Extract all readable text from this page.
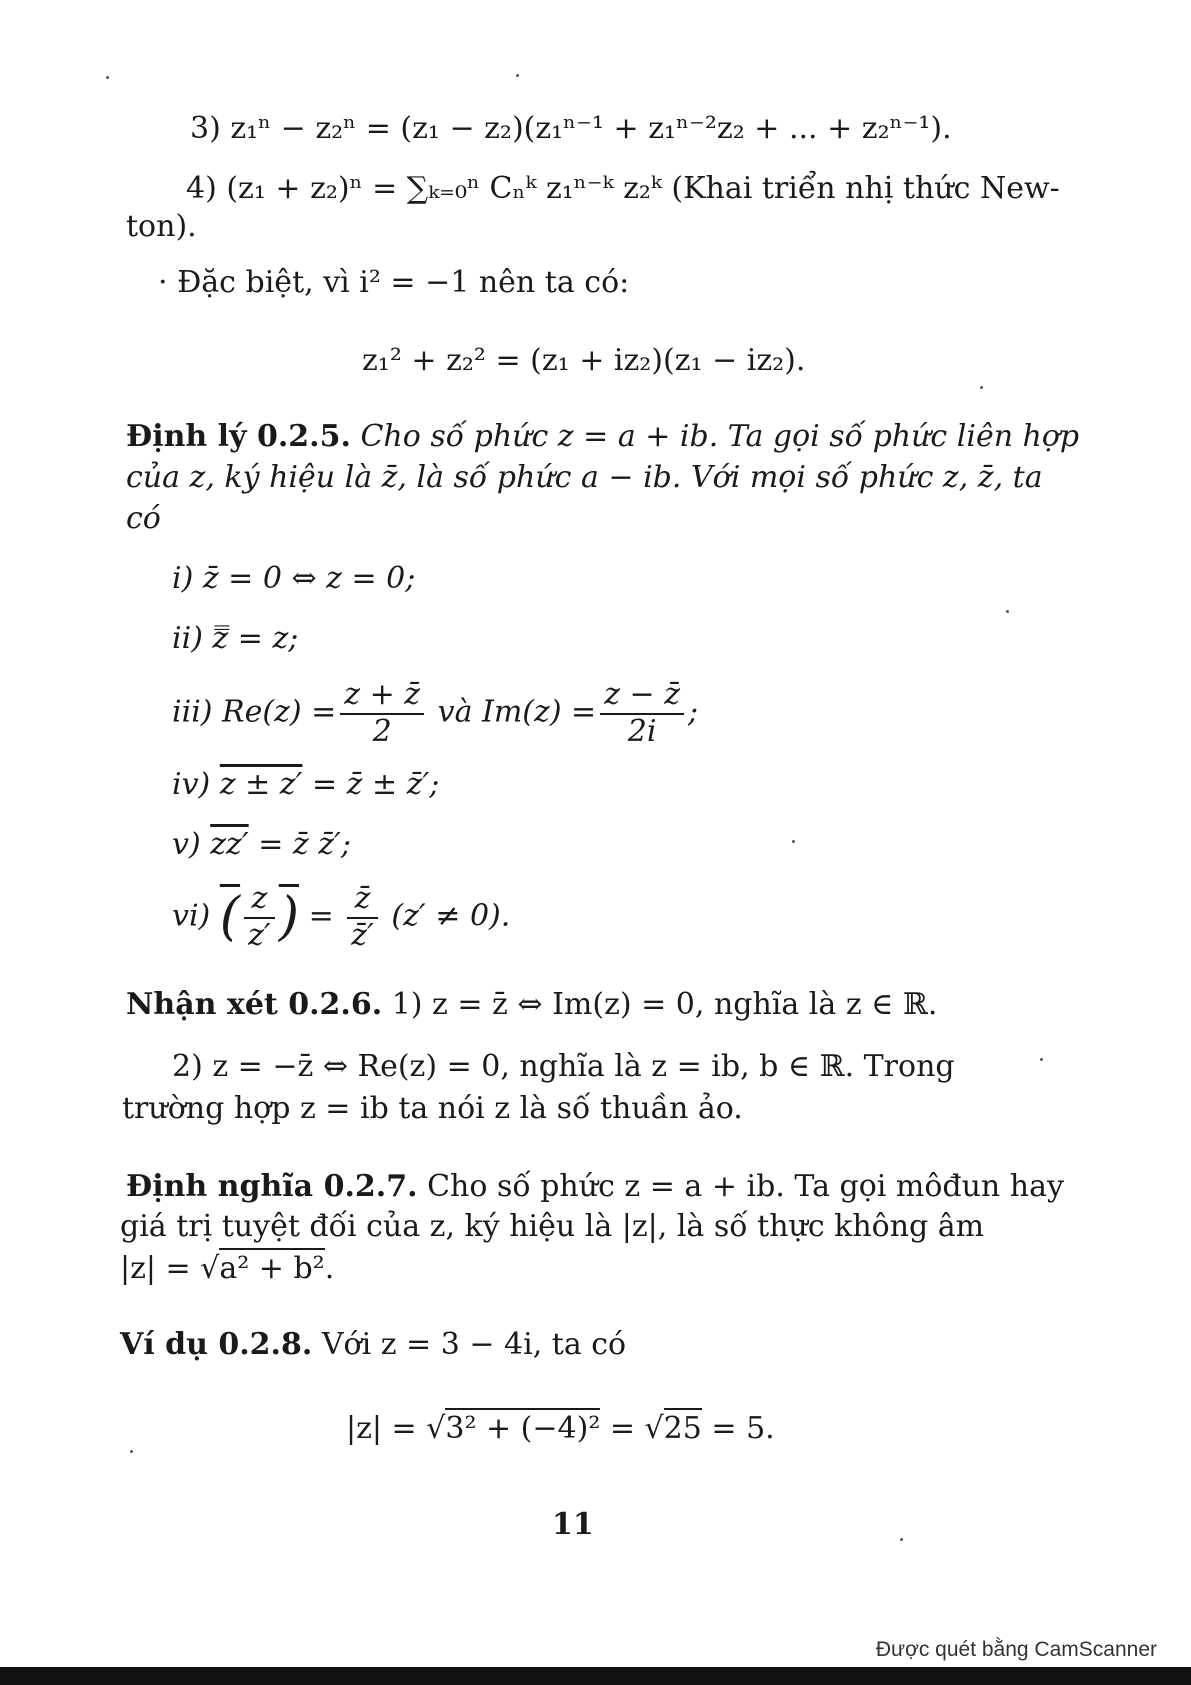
3) z₁ⁿ − z₂ⁿ = (z₁ − z₂)(z₁ⁿ⁻¹ + z₁ⁿ⁻²z₂ + ... + z₂ⁿ⁻¹).
4) (z₁ + z₂)ⁿ = ∑ₖ₌₀ⁿ Cₙᵏ z₁ⁿ⁻ᵏ z₂ᵏ (Khai triển nhị thức New-
ton).
· Đặc biệt, vì i² = −1 nên ta có:
z₁² + z₂² = (z₁ + iz₂)(z₁ − iz₂).
Định lý 0.2.5. Cho số phức z = a + ib. Ta gọi số phức liên hợp
của z, ký hiệu là z̄, là số phức a − ib. Với mọi số phức z, z̄, ta
có
i) z̄ = 0 ⇔ z = 0;
ii) z̿ = z;
iii) $Re(z) = \frac{z + z̄}{2}$ và $Im(z) = \frac{z - z̄}{2i}$ ;
iv) z ± z′ = z̄ ± z̄′;
v) zz′ = z̄ z̄′;
vi) ( $\frac{z}{z'}$ ) = $\frac{z̄}{z̄'} (z' \ne 0)$.
Nhận xét 0.2.6. 1) z = z̄ ⇔ Im(z) = 0, nghĩa là z ∈ ℝ.
2) z = −z̄ ⇔ Re(z) = 0, nghĩa là z = ib, b ∈ ℝ. Trong
trường hợp z = ib ta nói z là số thuần ảo.
Định nghĩa 0.2.7. Cho số phức z = a + ib. Ta gọi môđun hay
giá trị tuyệt đối của z, ký hiệu là |z|, là số thực không âm
|z| = √a² + b².
Ví dụ 0.2.8. Với z = 3 − 4i, ta có
|z| = √3² + (−4)² = √25 = 5.
11
Được quét bằng CamScanner
